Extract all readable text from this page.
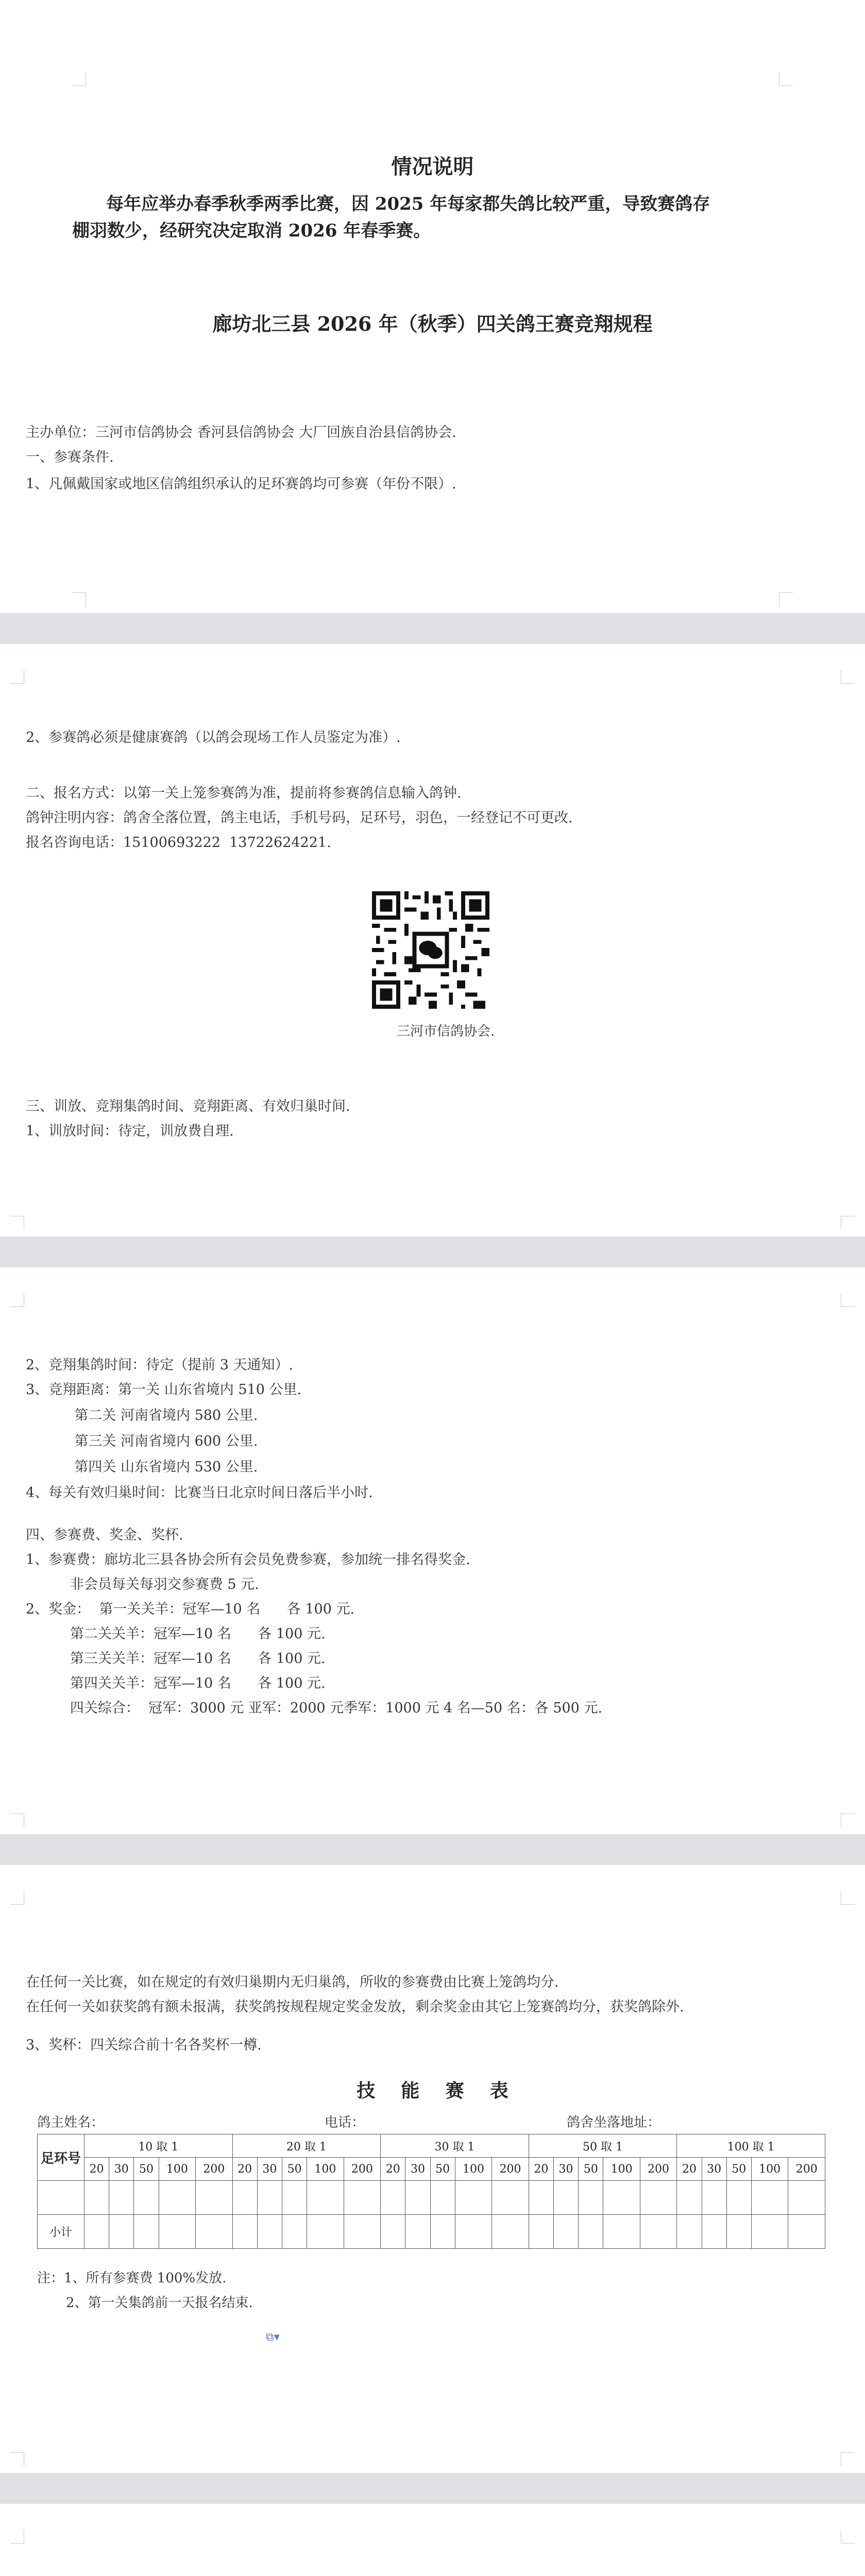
情况说明
每年应举办春季秋季两季比赛，因 2025 年每家都失鸽比较严重，导致赛鸽存
棚羽数少，经研究决定取消 2026 年春季赛。
廊坊北三县 2026 年（秋季）四关鸽王赛竞翔规程
主办单位：三河市信鸽协会 香河县信鸽协会 大厂回族自治县信鸽协会.
一、参赛条件.
1、凡佩戴国家或地区信鸽组织承认的足环赛鸽均可参赛（年份不限）.
2、参赛鸽必须是健康赛鸽（以鸽会现场工作人员鉴定为准）.
二、报名方式：以第一关上笼参赛鸽为准，提前将参赛鸽信息输入鸽钟.
鸽钟注明内容：鸽舍全落位置，鸽主电话，手机号码，足环号，羽色，一经登记不可更改.
报名咨询电话：15100693222  13722624221.
三河市信鸽协会.
三、训放、竞翔集鸽时间、竞翔距离、有效归巢时间.
1、训放时间：待定，训放费自理.
2、竞翔集鸽时间：待定（提前 3 天通知）.
3、竞翔距离：第一关 山东省境内 510 公里.
第二关 河南省境内 580 公里.
第三关 河南省境内 600 公里.
第四关 山东省境内 530 公里.
4、每关有效归巢时间：比赛当日北京时间日落后半小时.
四、参赛费、奖金、奖杯.
1、参赛费：廊坊北三县各协会所有会员免费参赛，参加统一排名得奖金.
非会员每关每羽交参赛费 5 元.
2、奖金：  第一关关羊：冠军—10 名      各 100 元.
第二关关羊：冠军—10 名      各 100 元.
第三关关羊：冠军—10 名      各 100 元.
第四关关羊：冠军—10 名      各 100 元.
四关综合：  冠军：3000 元 亚军：2000 元季军：1000 元 4 名—50 名：各 500 元.
在任何一关比赛，如在规定的有效归巢期内无归巢鸽，所收的参赛费由比赛上笼鸽均分.
在任何一关如获奖鸽有额未报满，获奖鸽按规程规定奖金发放，剩余奖金由其它上笼赛鸽均分，获奖鸽除外.
3、奖杯：四关综合前十名各奖杯一樽.
技    能    赛    表
鸽主姓名：	电话：	鸽舍坐落地址：
足环号	10 取 1					20 取 1					30 取 1					50 取 1					100 取 1				
	20	30	50	100	200	20	30	50	100	200	20	30	50	100	200	20	30	50	100	200	20	30	50	100	200

小计																									
注：1、所有参赛费 100%发放.
2、第一关集鸽前一天报名结束.
⧉▾
